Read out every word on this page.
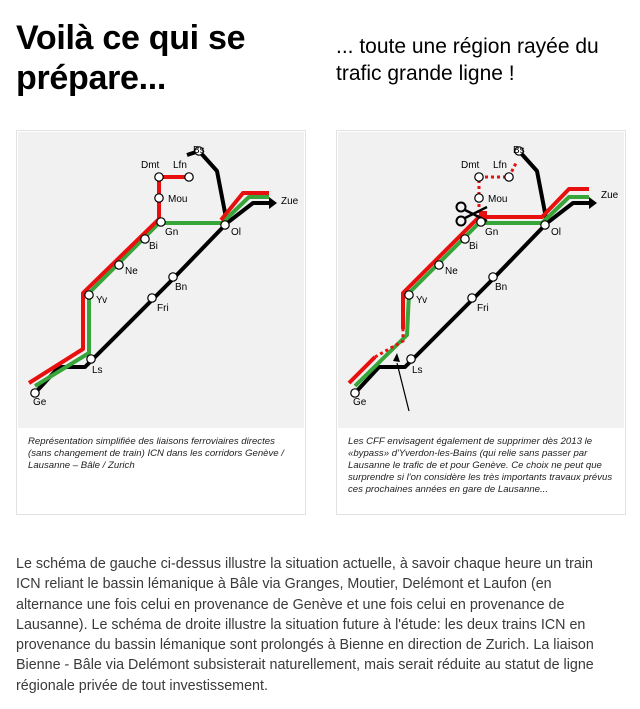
Voilà ce qui se prépare...
... toute une région rayée du trafic grande ligne !
Ge
Ls
Yv
Ne
Bi
Gn
Mou
Dmt Lfn
Bs
Ol
Bn
Fri
Zue
Représentation simplifiée des liaisons ferroviaires directes (sans changement de train) ICN dans les corridors Genève / Lausanne – Bâle / Zurich
Ge
Ls
Yv
Ne
Bi
Gn
Mou
Dmt Lfn
Bs
Ol
Bn
Fri
Zue
Les CFF envisagent également de supprimer dès 2013 le «bypass» d'Yverdon-les-Bains (qui relie sans passer par Lausanne le trafic de et pour Genève. Ce choix ne peut que surprendre si l'on considère les très importants travaux prévus ces prochaines années en gare de Lausanne...
Le schéma de gauche ci-dessus illustre la situation actuelle, à savoir chaque heure un train ICN reliant le bassin lémanique à Bâle via Granges, Moutier, Delémont et Laufon (en alternance une fois celui en provenance de Genève et une fois celui en provenance de Lausanne). Le schéma de droite illustre la situation future à l'étude: les deux trains ICN en provenance du bassin lémanique sont prolongés à Bienne en direction de Zurich. La liaison Bienne - Bâle via Delémont subsisterait naturellement, mais serait réduite au statut de ligne régionale privée de tout investissement.
